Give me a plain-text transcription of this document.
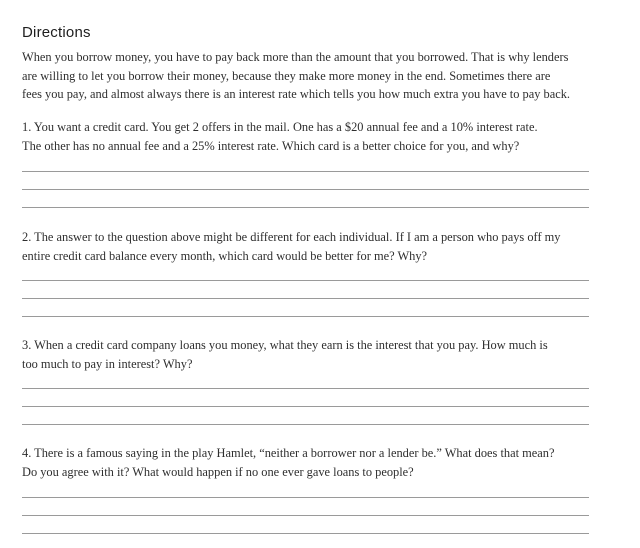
Directions
When you borrow money, you have to pay back more than the amount that you borrowed. That is why lenders
are willing to let you borrow their money, because they make more money in the end. Sometimes there are
fees you pay, and almost always there is an interest rate which tells you how much extra you have to pay back.
1. You want a credit card. You get 2 offers in the mail. One has a $20 annual fee and a 10% interest rate.
The other has no annual fee and a 25% interest rate. Which card is a better choice for you, and why?
2. The answer to the question above might be different for each individual. If I am a person who pays off my
entire credit card balance every month, which card would be better for me? Why?
3. When a credit card company loans you money, what they earn is the interest that you pay. How much is
too much to pay in interest? Why?
4. There is a famous saying in the play Hamlet, “neither a borrower nor a lender be.” What does that mean?
Do you agree with it? What would happen if no one ever gave loans to people?
